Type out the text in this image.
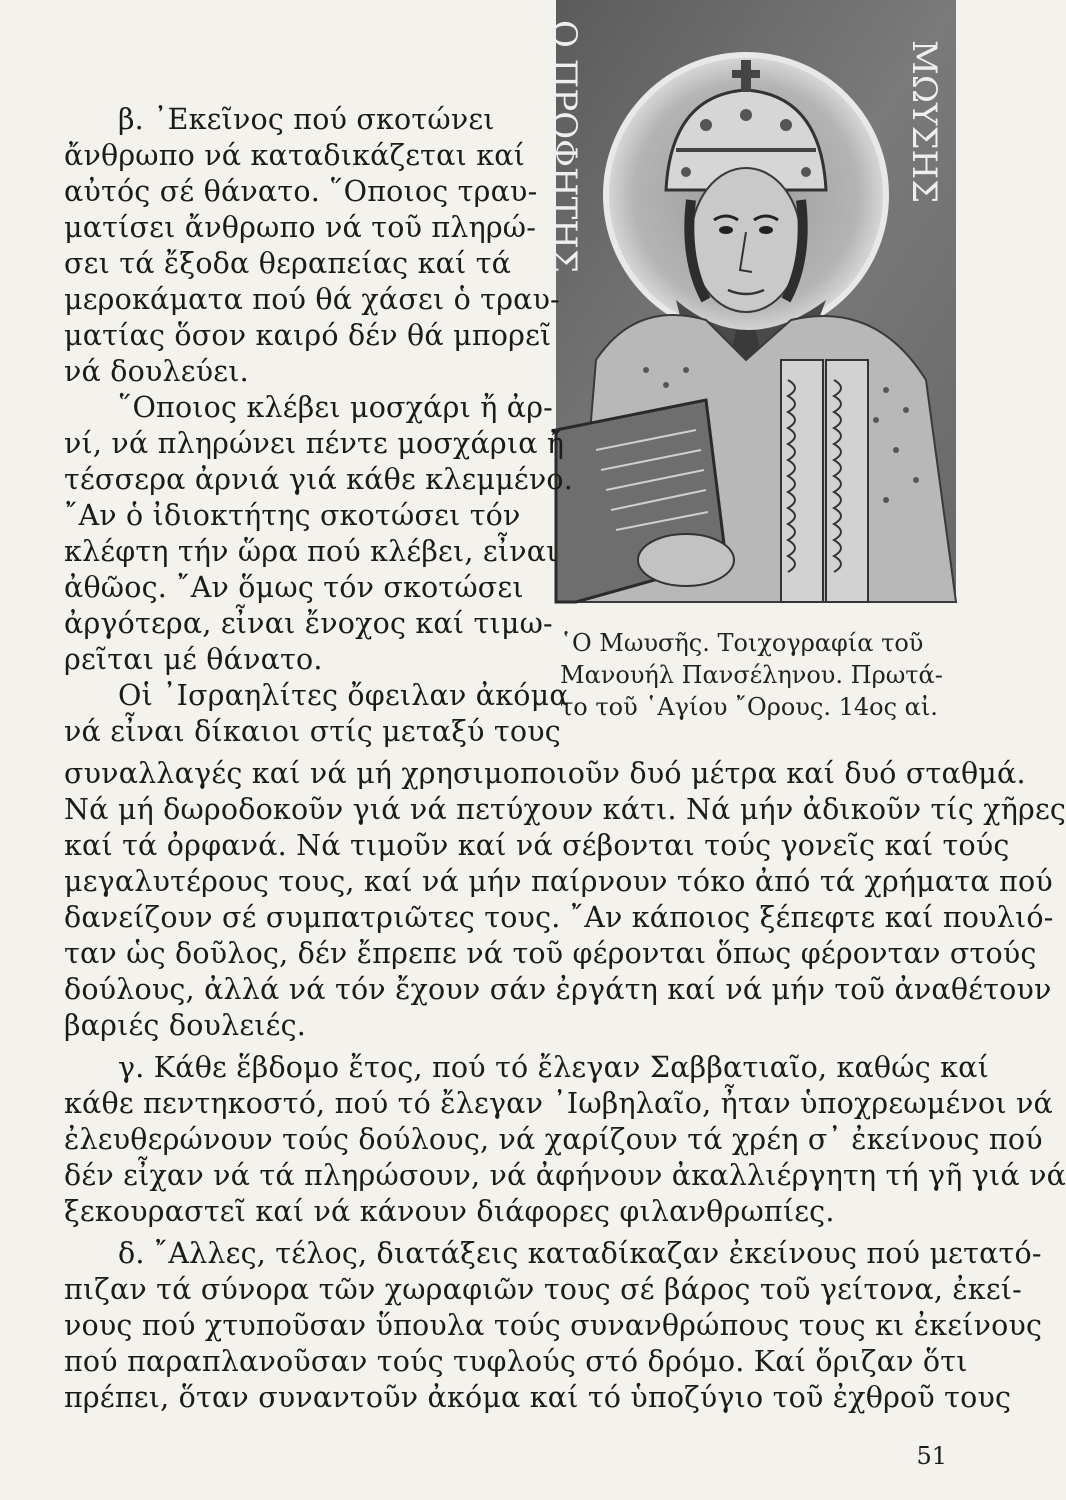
Ο ΠΡΟΦΗΤΗΣ	ΜΩΥΣΗΣ
῾Ο Μωυσῆς. Τοιχογραφία τοῦ
Μανουήλ Πανσέληνου. Πρωτά-
το τοῦ ῾Αγίου ῎Ορους. 14ος αἰ.
β. ᾿Εκεῖνος πού σκοτώνει
ἄνθρωπο νά καταδικάζεται καί
αὐτός σέ θάνατο. ῞Οποιος τραυ-
ματίσει ἄνθρωπο νά τοῦ πληρώ-
σει τά ἔξοδα θεραπείας καί τά
μεροκάματα πού θά χάσει ὁ τραυ-
ματίας ὅσον καιρό δέν θά μπορεῖ
νά δουλεύει.
῞Οποιος κλέβει μοσχάρι ἤ ἀρ-
νί, νά πληρώνει πέντε μοσχάρια ἤ
τέσσερα ἀρνιά γιά κάθε κλεμμένο.
῎Αν ὁ ἰδιοκτήτης σκοτώσει τόν
κλέφτη τήν ὥρα πού κλέβει, εἶναι
ἀθῶος. ῎Αν ὅμως τόν σκοτώσει
ἀργότερα, εἶναι ἔνοχος καί τιμω-
ρεῖται μέ θάνατο.
Οἱ ᾿Ισραηλίτες ὄφειλαν ἀκόμα
νά εἶναι δίκαιοι στίς μεταξύ τους
συναλλαγές καί νά μή χρησιμοποιοῦν δυό μέτρα καί δυό σταθμά.
Νά μή δωροδοκοῦν γιά νά πετύχουν κάτι. Νά μήν ἀδικοῦν τίς χῆρες
καί τά ὀρφανά. Νά τιμοῦν καί νά σέβονται τούς γονεῖς καί τούς
μεγαλυτέρους τους, καί νά μήν παίρνουν τόκο ἀπό τά χρήματα πού
δανείζουν σέ συμπατριῶτες τους. ῎Αν κάποιος ξέπεφτε καί πουλιό-
ταν ὡς δοῦλος, δέν ἔπρεπε νά τοῦ φέρονται ὅπως φέρονταν στούς
δούλους, ἀλλά νά τόν ἔχουν σάν ἐργάτη καί νά μήν τοῦ ἀναθέτουν
βαριές δουλειές.
γ. Κάθε ἕβδομο ἔτος, πού τό ἔλεγαν Σαββατιαῖο, καθώς καί
κάθε πεντηκοστό, πού τό ἔλεγαν ᾿Ιωβηλαῖο, ἦταν ὑποχρεωμένοι νά
ἐλευθερώνουν τούς δούλους, νά χαρίζουν τά χρέη σ᾿ ἐκείνους πού
δέν εἶχαν νά τά πληρώσουν, νά ἀφήνουν ἀκαλλιέργητη τή γῆ γιά νά
ξεκουραστεῖ καί νά κάνουν διάφορες φιλανθρωπίες.
δ. ῎Αλλες, τέλος, διατάξεις καταδίκαζαν ἐκείνους πού μετατό-
πιζαν τά σύνορα τῶν χωραφιῶν τους σέ βάρος τοῦ γείτονα, ἐκεί-
νους πού χτυποῦσαν ὕπουλα τούς συνανθρώπους τους κι ἐκείνους
πού παραπλανοῦσαν τούς τυφλούς στό δρόμο. Καί ὅριζαν ὅτι
πρέπει, ὅταν συναντοῦν ἀκόμα καί τό ὑποζύγιο τοῦ ἐχθροῦ τους
51
